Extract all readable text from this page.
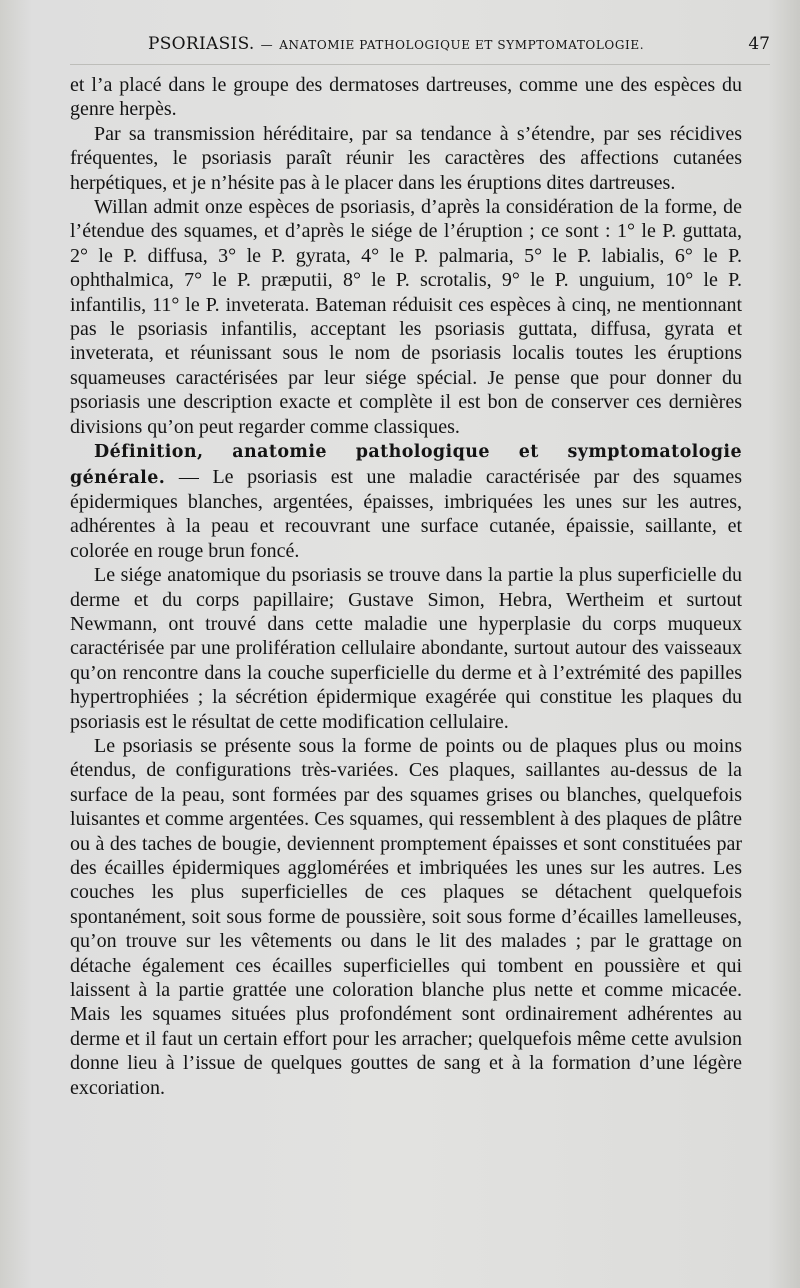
PSORIASIS. — ANATOMIE PATHOLOGIQUE ET SYMPTOMATOLOGIE.	47

et l’a placé dans le groupe des dermatoses dartreuses, comme une des espèces du genre herpès.

Par sa transmission héréditaire, par sa tendance à s’étendre, par ses récidives fréquentes, le psoriasis paraît réunir les caractères des affections cutanées herpétiques, et je n’hésite pas à le placer dans les éruptions dites dartreuses.

Willan admit onze espèces de psoriasis, d’après la considération de la forme, de l’étendue des squames, et d’après le siége de l’éruption ; ce sont : 1° le P. guttata, 2° le P. diffusa, 3° le P. gyrata, 4° le P. palmaria, 5° le P. labialis, 6° le P. ophthalmica, 7° le P. præputii, 8° le P. scrotalis, 9° le P. unguium, 10° le P. infantilis, 11° le P. inveterata. Bateman réduisit ces espèces à cinq, ne mentionnant pas le psoriasis infantilis, acceptant les psoriasis guttata, diffusa, gyrata et inveterata, et réunissant sous le nom de psoriasis localis toutes les éruptions squameuses caractérisées par leur siége spécial. Je pense que pour donner du psoriasis une description exacte et complète il est bon de conserver ces dernières divisions qu’on peut regarder comme classiques.

Définition, anatomie pathologique et symptomatologie générale. — Le psoriasis est une maladie caractérisée par des squames épidermiques blanches, argentées, épaisses, imbriquées les unes sur les autres, adhérentes à la peau et recouvrant une surface cutanée, épaissie, saillante, et colorée en rouge brun foncé.

Le siége anatomique du psoriasis se trouve dans la partie la plus superficielle du derme et du corps papillaire; Gustave Simon, Hebra, Wertheim et surtout Newmann, ont trouvé dans cette maladie une hyperplasie du corps muqueux caractérisée par une prolifération cellulaire abondante, surtout autour des vaisseaux qu’on rencontre dans la couche superficielle du derme et à l’extrémité des papilles hypertrophiées ; la sécrétion épidermique exagérée qui constitue les plaques du psoriasis est le résultat de cette modification cellulaire.

Le psoriasis se présente sous la forme de points ou de plaques plus ou moins étendus, de configurations très-variées. Ces plaques, saillantes au-dessus de la surface de la peau, sont formées par des squames grises ou blanches, quelquefois luisantes et comme argentées. Ces squames, qui ressemblent à des plaques de plâtre ou à des taches de bougie, deviennent promptement épaisses et sont constituées par des écailles épidermiques agglomérées et imbriquées les unes sur les autres. Les couches les plus superficielles de ces plaques se détachent quelquefois spontanément, soit sous forme de poussière, soit sous forme d’écailles lamelleuses, qu’on trouve sur les vêtements ou dans le lit des malades ; par le grattage on détache également ces écailles superficielles qui tombent en poussière et qui laissent à la partie grattée une coloration blanche plus nette et comme micacée. Mais les squames situées plus profondément sont ordinairement adhérentes au derme et il faut un certain effort pour les arracher; quelquefois même cette avulsion donne lieu à l’issue de quelques gouttes de sang et à la formation d’une légère excoriation.
